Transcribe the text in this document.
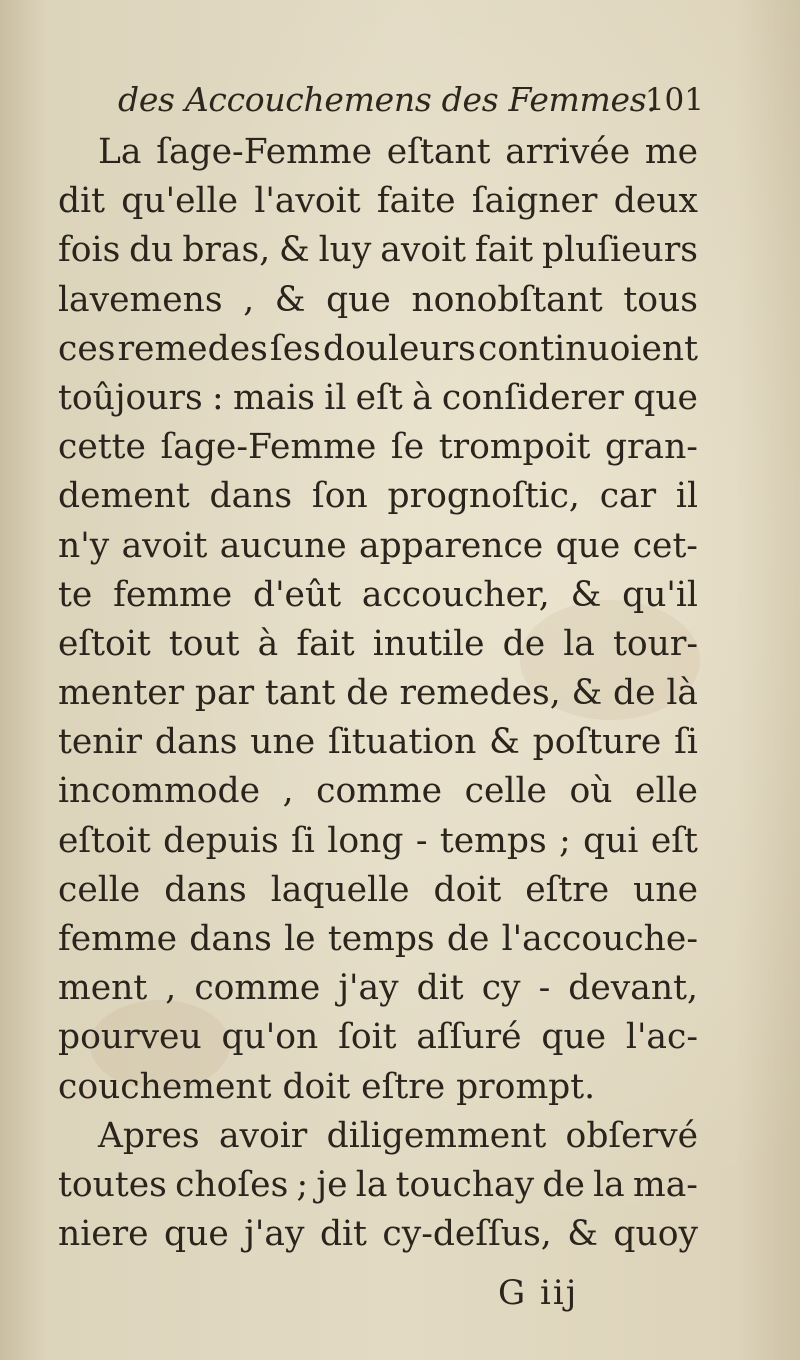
des Accouchemens des Femmes.
101
La ſage-Femme eſtant arrivée me
dit qu'elle l'avoit faite ſaigner deux
fois du bras, & luy avoit fait pluſieurs
lavemens , & que nonobſtant tous
ces remedes ſes douleurs continuoient
toûjours : mais il eſt à conſiderer que
cette ſage-Femme ſe trompoit gran-
dement dans ſon prognoſtic, car il
n'y avoit aucune apparence que cet-
te femme d'eût accoucher, & qu'il
eſtoit tout à fait inutile de la tour-
menter par tant de remedes, & de là
tenir dans une ſituation & poſture ſi
incommode , comme celle où elle
eſtoit depuis ſi long - temps ; qui eſt
celle dans laquelle doit eſtre une
femme dans le temps de l'accouche-
ment , comme j'ay dit cy - devant,
pourveu qu'on ſoit aſſuré que l'ac-
couchement doit eſtre prompt.
Apres avoir diligemment obſervé
toutes choſes ; je la touchay de la ma-
niere que j'ay dit cy-deſſus, & quoy
G iij
